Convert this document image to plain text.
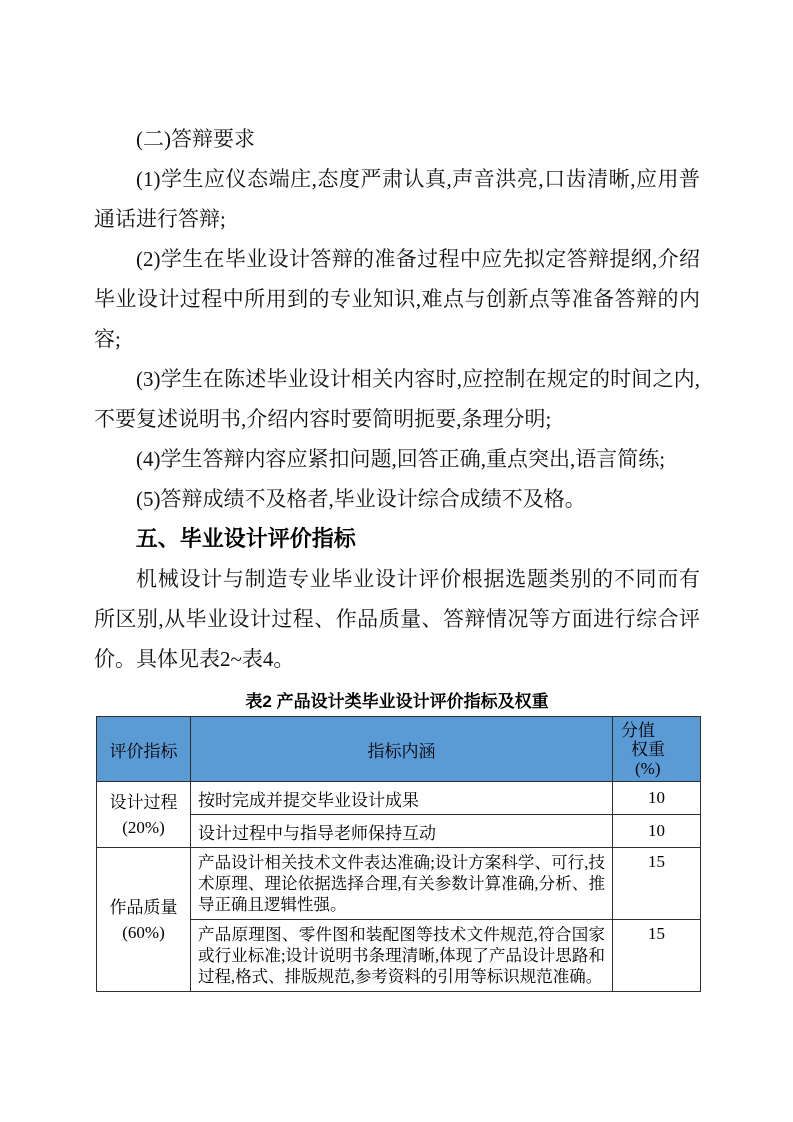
(二)答辩要求

(1)学生应仪态端庄,态度严肃认真,声音洪亮,口齿清晰,应用普通话进行答辩;

(2)学生在毕业设计答辩的准备过程中应先拟定答辩提纲,介绍毕业设计过程中所用到的专业知识,难点与创新点等准备答辩的内容;

(3)学生在陈述毕业设计相关内容时,应控制在规定的时间之内,不要复述说明书,介绍内容时要简明扼要,条理分明;

(4)学生答辩内容应紧扣问题,回答正确,重点突出,语言简练;

(5)答辩成绩不及格者,毕业设计综合成绩不及格。

五、毕业设计评价指标

机械设计与制造专业毕业设计评价根据选题类别的不同而有所区别,从毕业设计过程、作品质量、答辩情况等方面进行综合评价。具体见表2~表4。

表2 产品设计类毕业设计评价指标及权重
评价指标	指标内涵	分值
权重
(%)

设计过程
(20%)	按时完成并提交毕业设计成果	10
	设计过程中与指导老师保持互动	10

作品质量
(60%)	产品设计相关技术文件表达准确;设计方案科学、可行,技术原理、理论依据选择合理,有关参数计算准确,分析、推导正确且逻辑性强。	15
	产品原理图、零件图和装配图等技术文件规范,符合国家或行业标准;设计说明书条理清晰,体现了产品设计思路和过程,格式、排版规范,参考资料的引用等标识规范准确。	15
